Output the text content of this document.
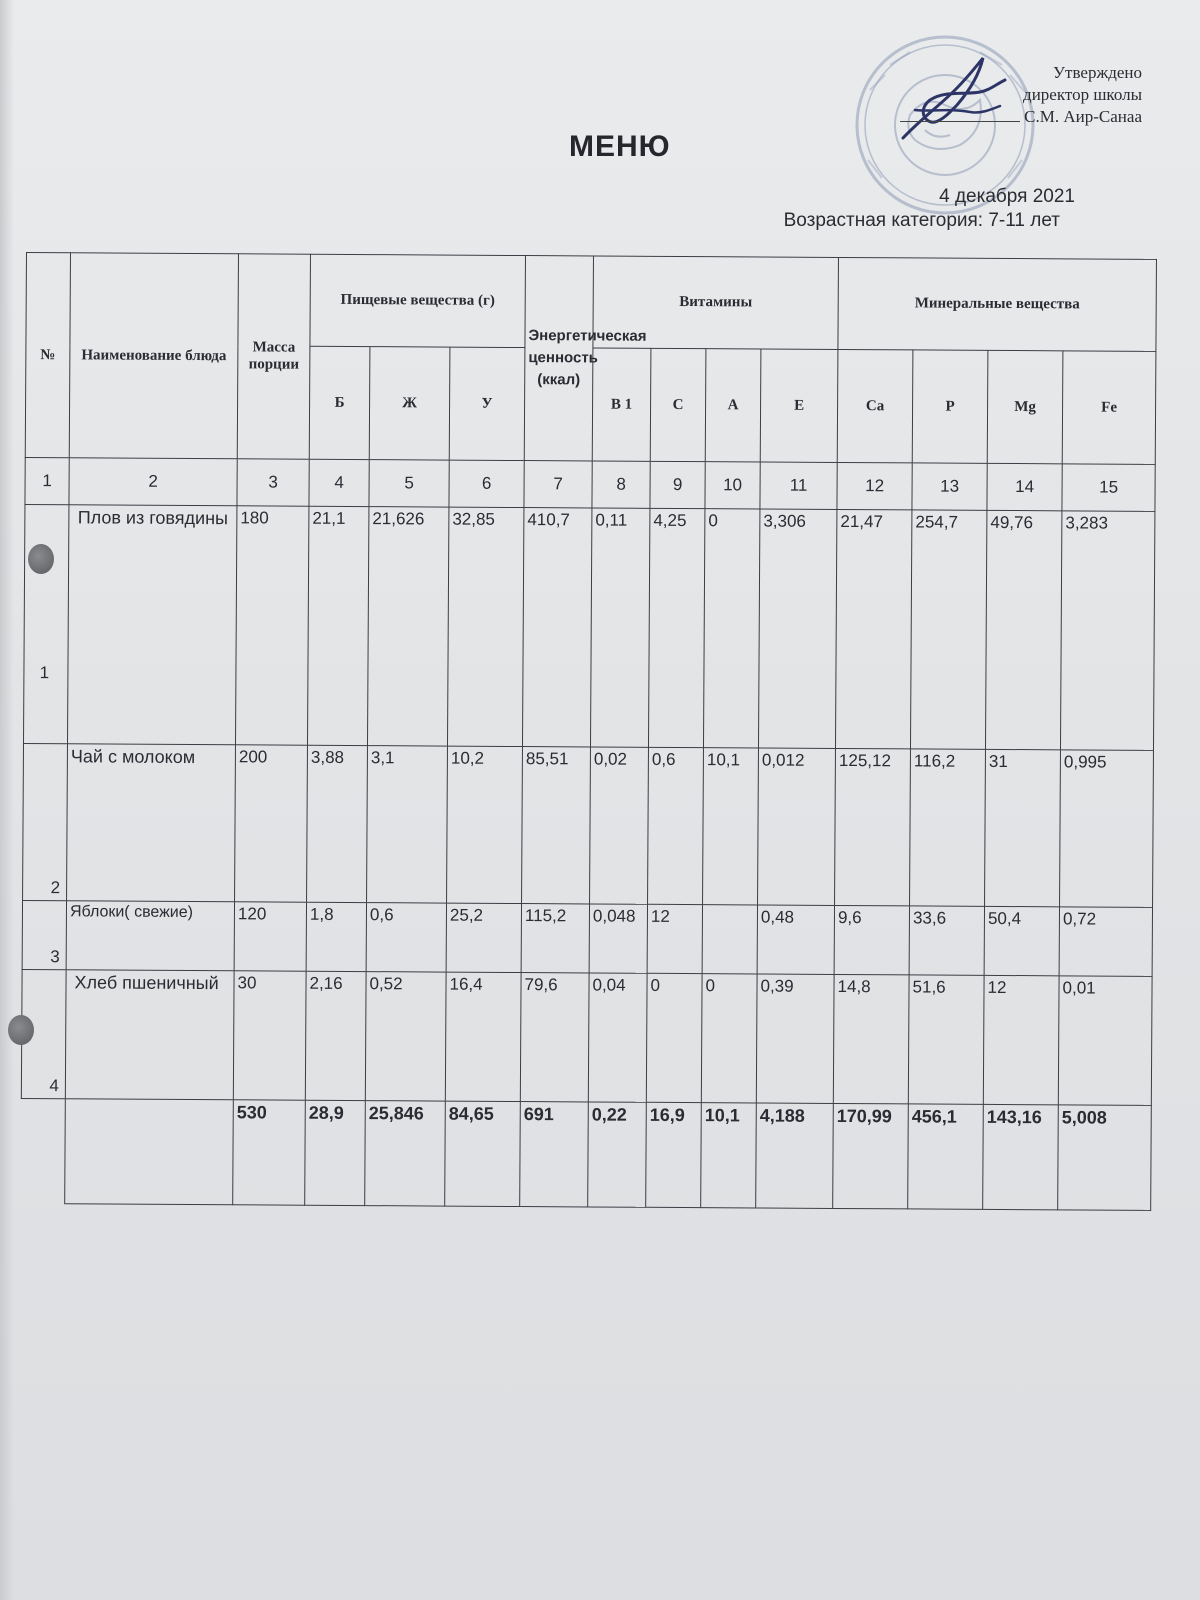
Утверждено
директор школы
С.М. Аир-Санаа
МЕНЮ
4 декабря 2021
Возрастная категория: 7-11 лет
№	Наименование блюда	Масса порции	Пищевые вещества (г)			Энергетическая ценность (ккал)	Витамины				Минеральные вещества			
			Б	Ж	У		В 1	С	А	Е	Са	Р	Mg	Fe
1	2	3	4	5	6	7	8	9	10	11	12	13	14	15
1	Плов из говядины	180	21,1	21,626	32,85	410,7	0,11	4,25	0	3,306	21,47	254,7	49,76	3,283
2	Чай с молоком	200	3,88	3,1	10,2	85,51	0,02	0,6	10,1	0,012	125,12	116,2	31	0,995
3	Яблоки( свежие)	120	1,8	0,6	25,2	115,2	0,048	12		0,48	9,6	33,6	50,4	0,72
4	Хлеб пшеничный	30	2,16	0,52	16,4	79,6	0,04	0	0	0,39	14,8	51,6	12	0,01
		530	28,9	25,846	84,65	691	0,22	16,9	10,1	4,188	170,99	456,1	143,16	5,008
